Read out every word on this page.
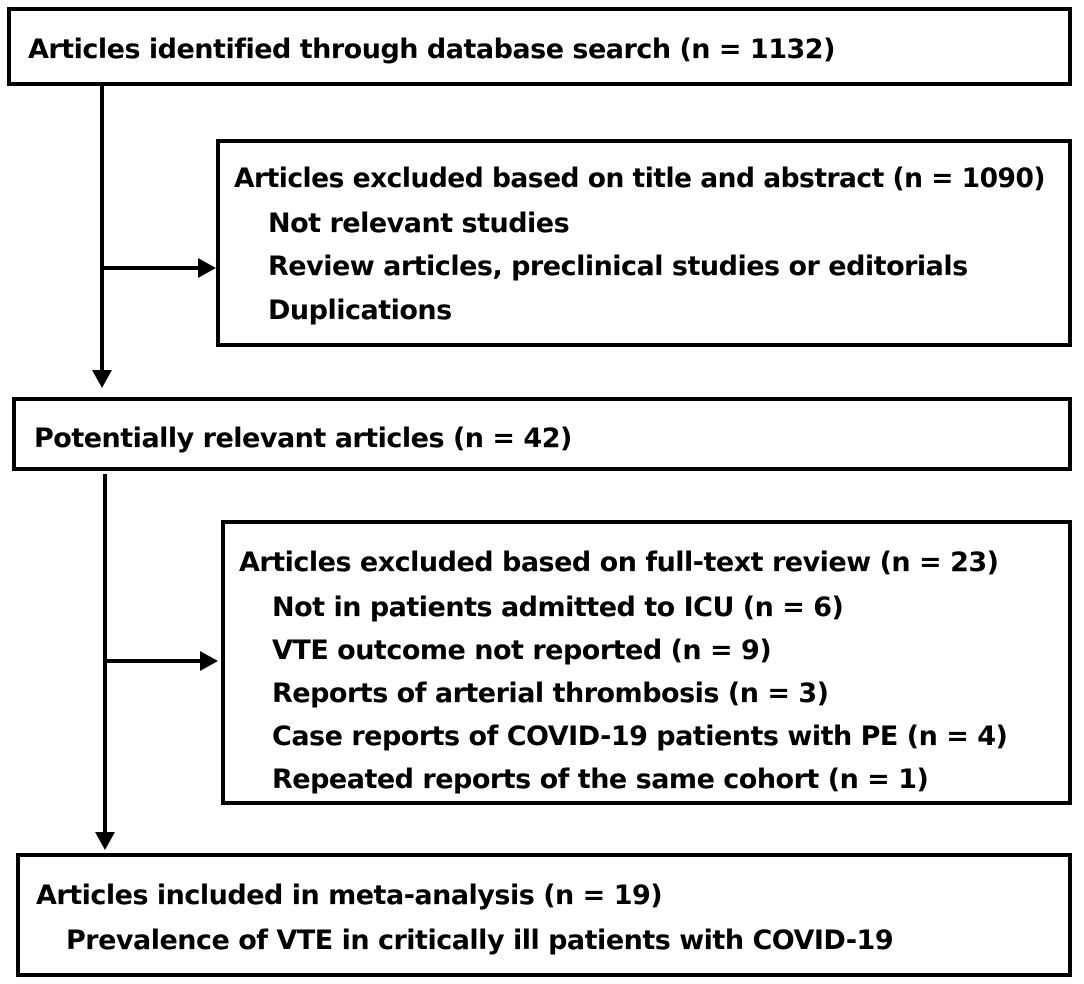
Articles identified through database search (n = 1132)
Articles excluded based on title and abstract (n = 1090)
Not relevant studies
Review articles, preclinical studies or editorials
Duplications
Potentially relevant articles (n = 42)
Articles excluded based on full-text review (n = 23)
Not in patients admitted to ICU (n = 6)
VTE outcome not reported (n = 9)
Reports of arterial thrombosis (n = 3)
Case reports of COVID-19 patients with PE (n = 4)
Repeated reports of the same cohort (n = 1)
Articles included in meta-analysis (n = 19)
Prevalence of VTE in critically ill patients with COVID-19
